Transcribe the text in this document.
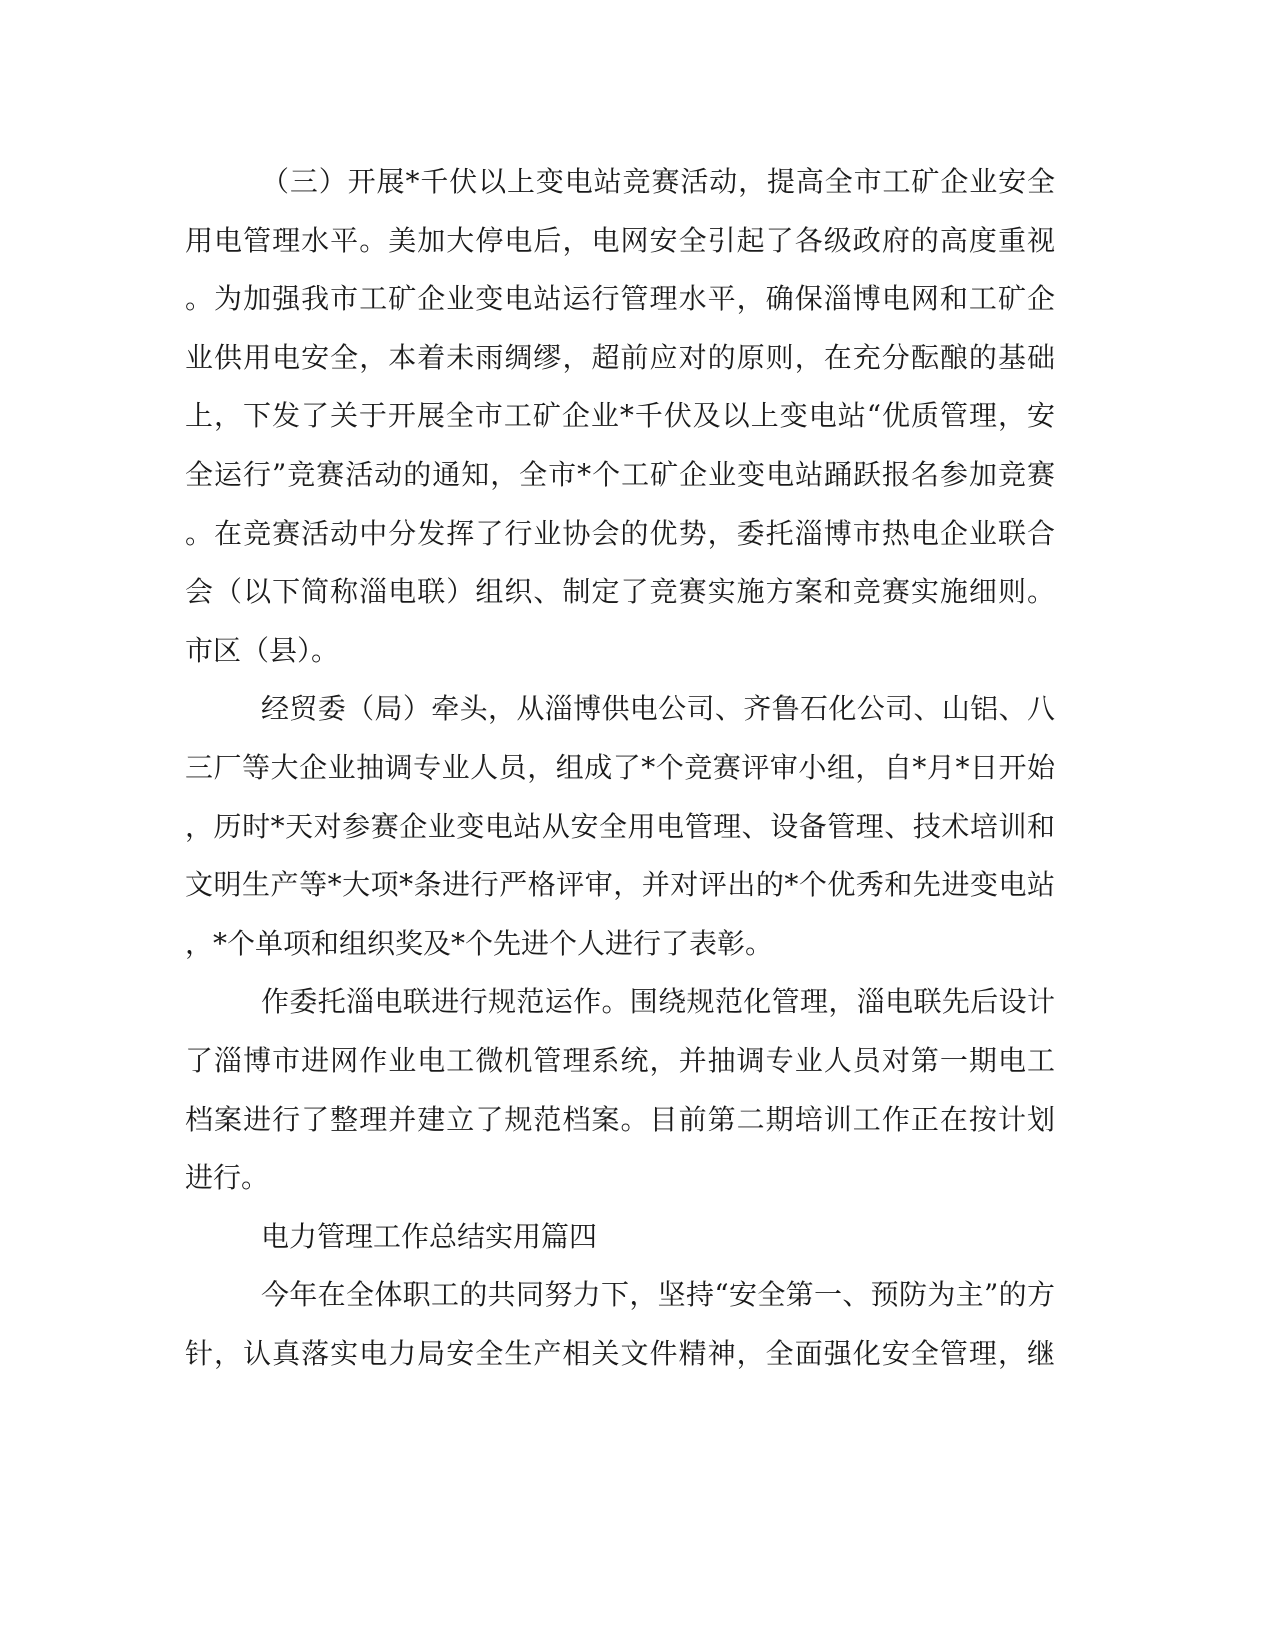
（三）开展*千伏以上变电站竞赛活动，提高全市工矿企业安全
用电管理水平。美加大停电后，电网安全引起了各级政府的高度重视
。为加强我市工矿企业变电站运行管理水平，确保淄博电网和工矿企
业供用电安全，本着未雨绸缪，超前应对的原则，在充分酝酿的基础
上，下发了关于开展全市工矿企业*千伏及以上变电站“优质管理，安
全运行”竞赛活动的通知，全市*个工矿企业变电站踊跃报名参加竞赛
。在竞赛活动中分发挥了行业协会的优势，委托淄博市热电企业联合
会（以下简称淄电联）组织、制定了竞赛实施方案和竞赛实施细则。
市区（县）。
经贸委（局）牵头，从淄博供电公司、齐鲁石化公司、山铝、八
三厂等大企业抽调专业人员，组成了*个竞赛评审小组，自*月*日开始
，历时*天对参赛企业变电站从安全用电管理、设备管理、技术培训和
文明生产等*大项*条进行严格评审，并对评出的*个优秀和先进变电站
，*个单项和组织奖及*个先进个人进行了表彰。
作委托淄电联进行规范运作。围绕规范化管理，淄电联先后设计
了淄博市进网作业电工微机管理系统，并抽调专业人员对第一期电工
档案进行了整理并建立了规范档案。目前第二期培训工作正在按计划
进行。
电力管理工作总结实用篇四
今年在全体职工的共同努力下，坚持“安全第一、预防为主”的方
针，认真落实电力局安全生产相关文件精神，全面强化安全管理，继
